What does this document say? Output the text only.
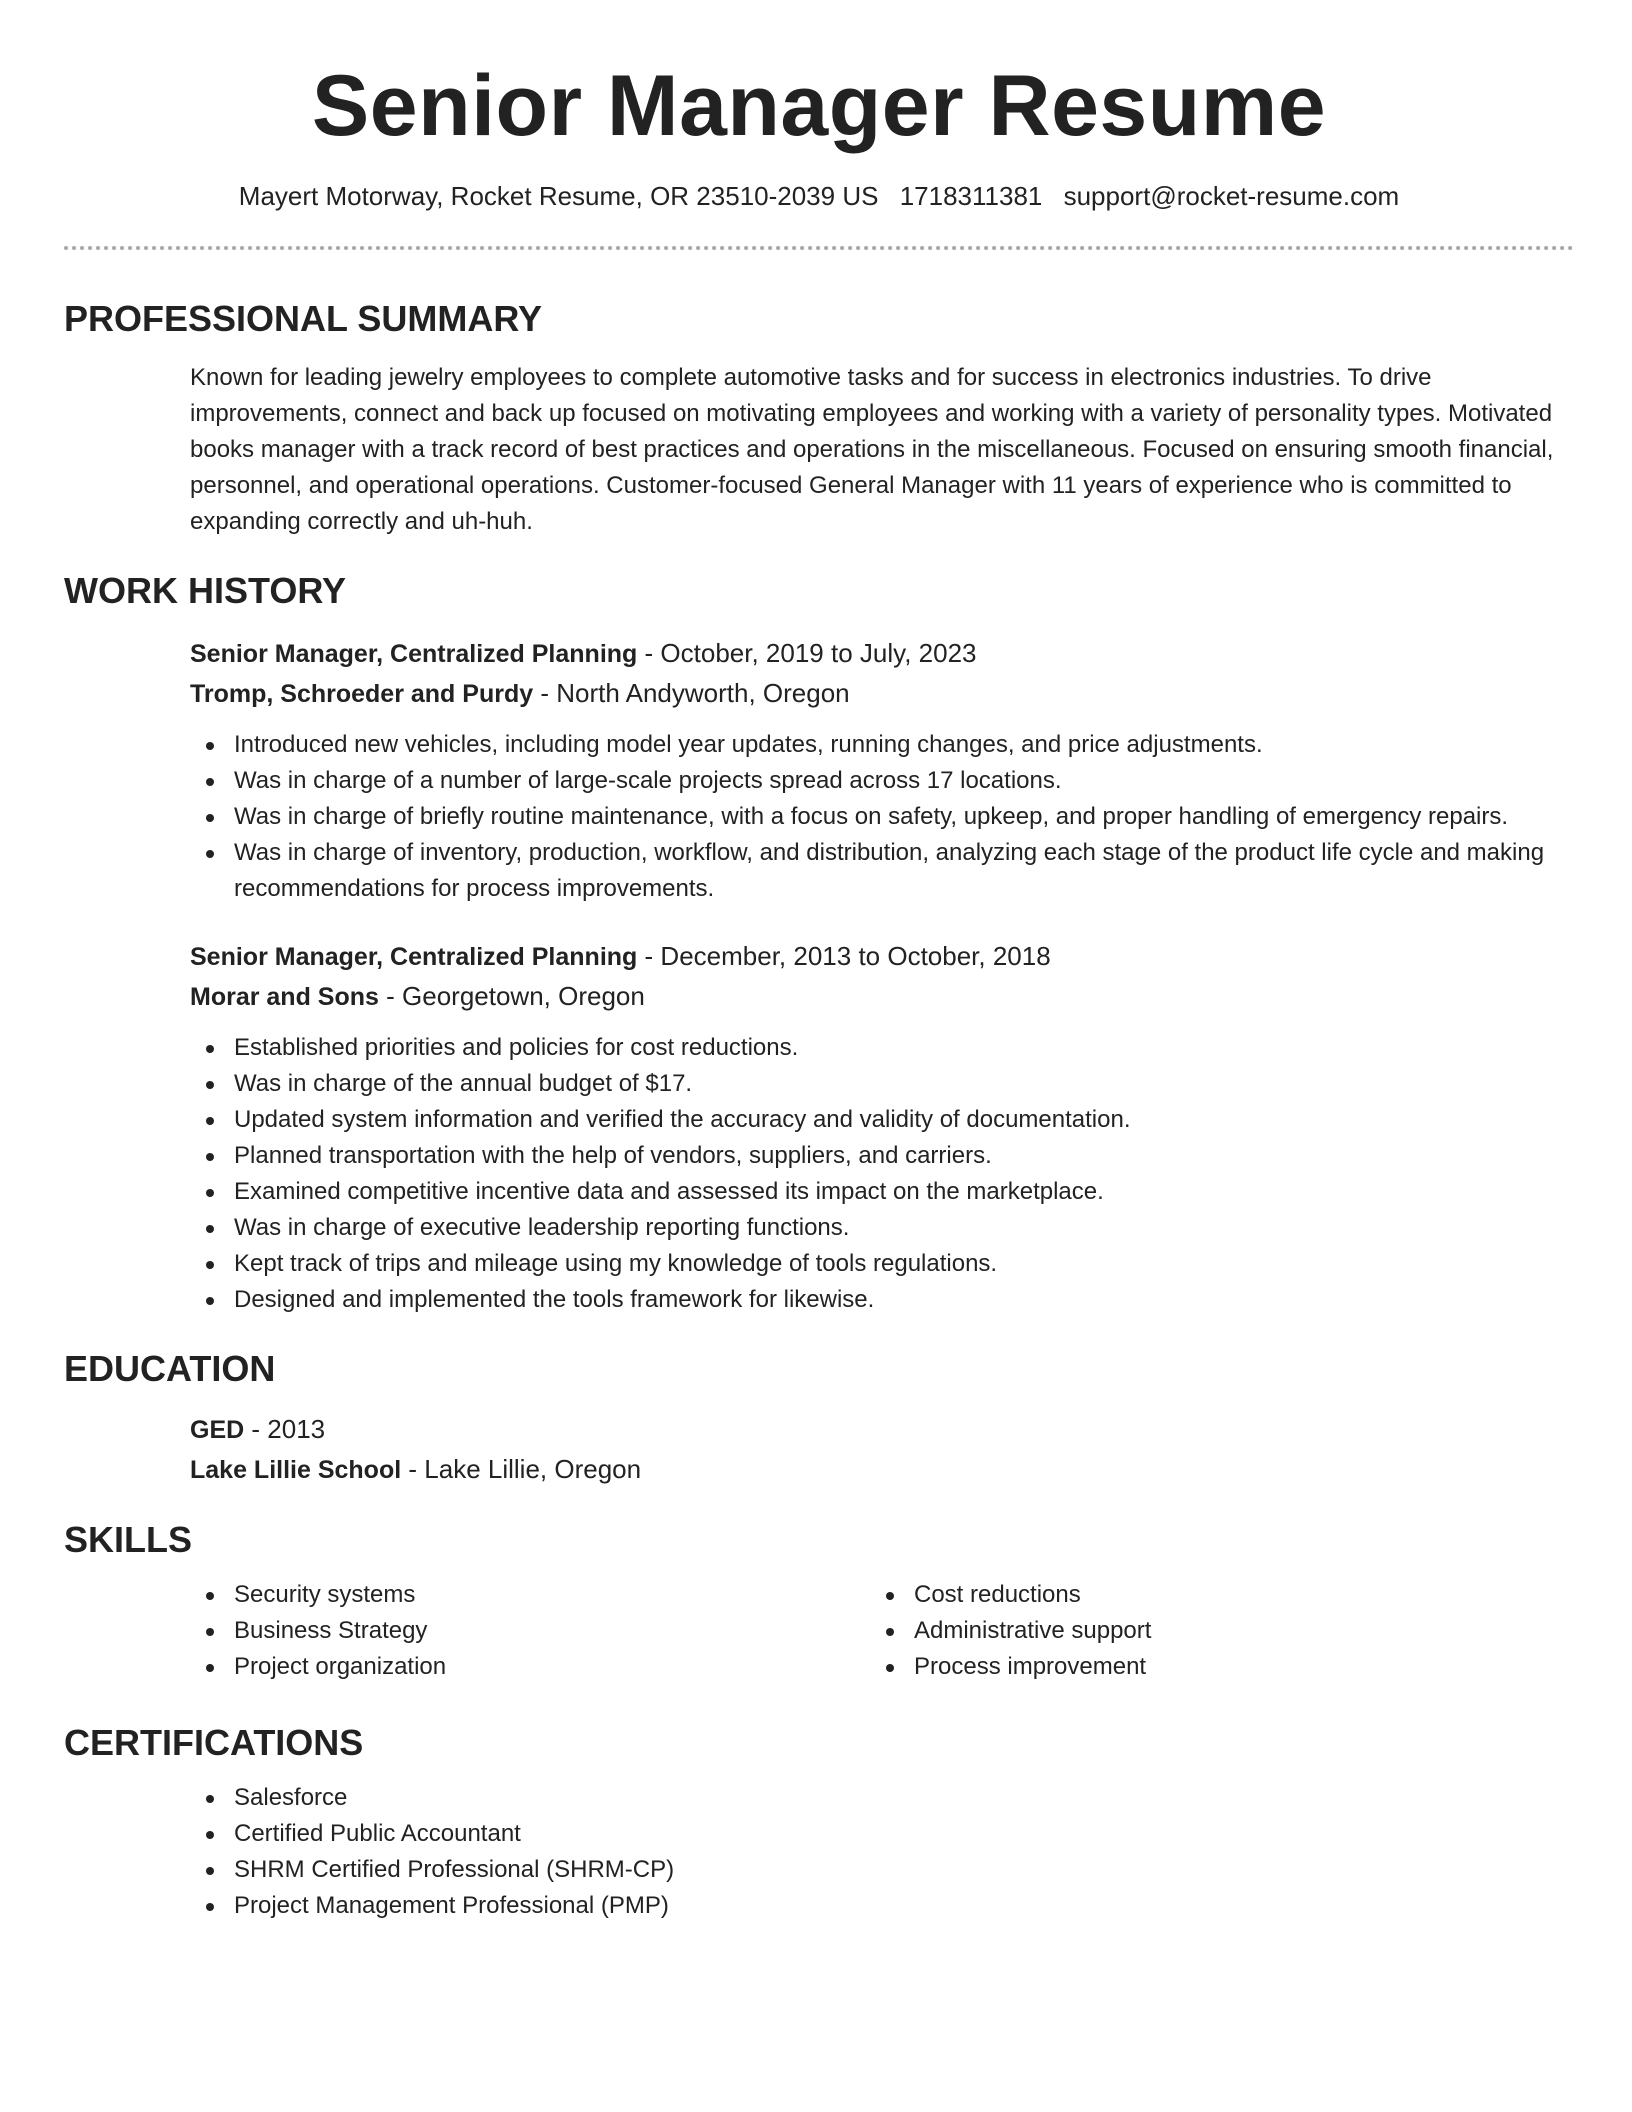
Senior Manager Resume
Mayert Motorway, Rocket Resume, OR 23510-2039 US 1718311381 support@rocket-resume.com
PROFESSIONAL SUMMARY
Known for leading jewelry employees to complete automotive tasks and for success in electronics industries. To drive improvements, connect and back up focused on motivating employees and working with a variety of personality types. Motivated books manager with a track record of best practices and operations in the miscellaneous. Focused on ensuring smooth financial, personnel, and operational operations. Customer-focused General Manager with 11 years of experience who is committed to expanding correctly and uh-huh.
WORK HISTORY
Senior Manager, Centralized Planning - October, 2019 to July, 2023
Tromp, Schroeder and Purdy - North Andyworth, Oregon
Introduced new vehicles, including model year updates, running changes, and price adjustments.
Was in charge of a number of large-scale projects spread across 17 locations.
Was in charge of briefly routine maintenance, with a focus on safety, upkeep, and proper handling of emergency repairs.
Was in charge of inventory, production, workflow, and distribution, analyzing each stage of the product life cycle and making recommendations for process improvements.
Senior Manager, Centralized Planning - December, 2013 to October, 2018
Morar and Sons - Georgetown, Oregon
Established priorities and policies for cost reductions.
Was in charge of the annual budget of $17.
Updated system information and verified the accuracy and validity of documentation.
Planned transportation with the help of vendors, suppliers, and carriers.
Examined competitive incentive data and assessed its impact on the marketplace.
Was in charge of executive leadership reporting functions.
Kept track of trips and mileage using my knowledge of tools regulations.
Designed and implemented the tools framework for likewise.
EDUCATION
GED - 2013
Lake Lillie School - Lake Lillie, Oregon
SKILLS
Security systems
Business Strategy
Project organization
Cost reductions
Administrative support
Process improvement
CERTIFICATIONS
Salesforce
Certified Public Accountant
SHRM Certified Professional (SHRM-CP)
Project Management Professional (PMP)
